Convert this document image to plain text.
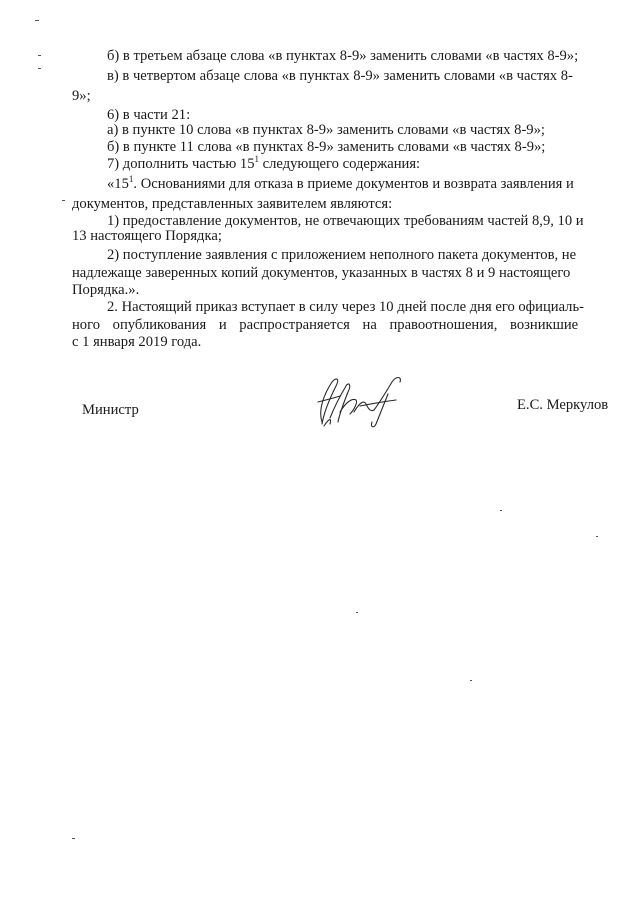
б) в третьем абзаце слова «в пунктах 8-9» заменить словами «в частях 8-9»;
в) в четвертом абзаце слова «в пунктах 8-9» заменить словами «в частях 8-
9»;
6) в части 21:
а) в пункте 10 слова «в пунктах 8-9» заменить словами «в частях 8-9»;
б) в пункте 11 слова «в пунктах 8-9» заменить словами «в частях 8-9»;
7) дополнить частью $15^1$ следующего содержания:
«$15^1$. Основаниями для отказа в приеме документов и возврата заявления и
документов, представленных заявителем являются:
1) предоставление документов, не отвечающих требованиям частей 8,9, 10 и
13 настоящего Порядка;
2) поступление заявления с приложением неполного пакета документов, не
надлежаще заверенных копий документов, указанных в частях 8 и 9 настоящего
Порядка.».
2. Настоящий приказ вступает в силу через 10 дней после дня его официаль-
ного опубликования и распространяется на правоотношения, возникшие
с 1 января 2019 года.
Министр	Е.С. Меркулов
